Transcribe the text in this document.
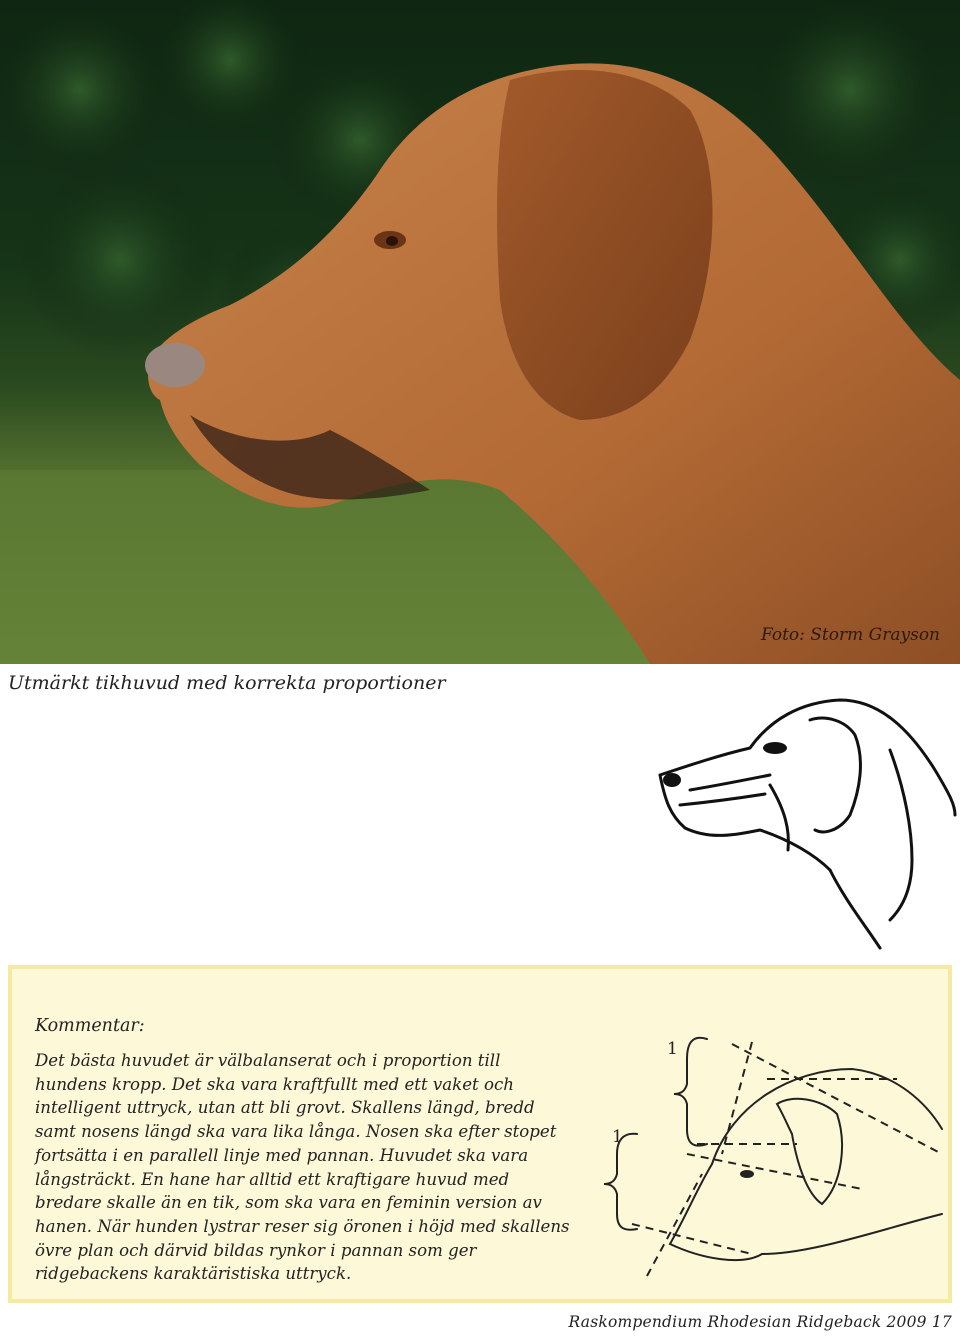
Foto: Storm Grayson
Utmärkt tikhuvud med korrekta proportioner
Kommentar:
Det bästa huvudet är välbalanserat och i proportion till hundens kropp. Det ska vara kraftfullt med ett vaket och intelligent uttryck, utan att bli grovt. Skallens längd, bredd samt nosens längd ska vara lika långa. Nosen ska efter stopet fortsätta i en parallell linje med pannan. Huvudet ska vara långsträckt. En hane har alltid ett kraftigare huvud med bredare skalle än en tik, som ska vara en feminin version av hanen. När hunden lystrar reser sig öronen i höjd med skallens övre plan och därvid bildas rynkor i pannan som ger ridgebackens karaktäristiska uttryck.
1
1
Raskompendium Rhodesian Ridgeback 2009 17
